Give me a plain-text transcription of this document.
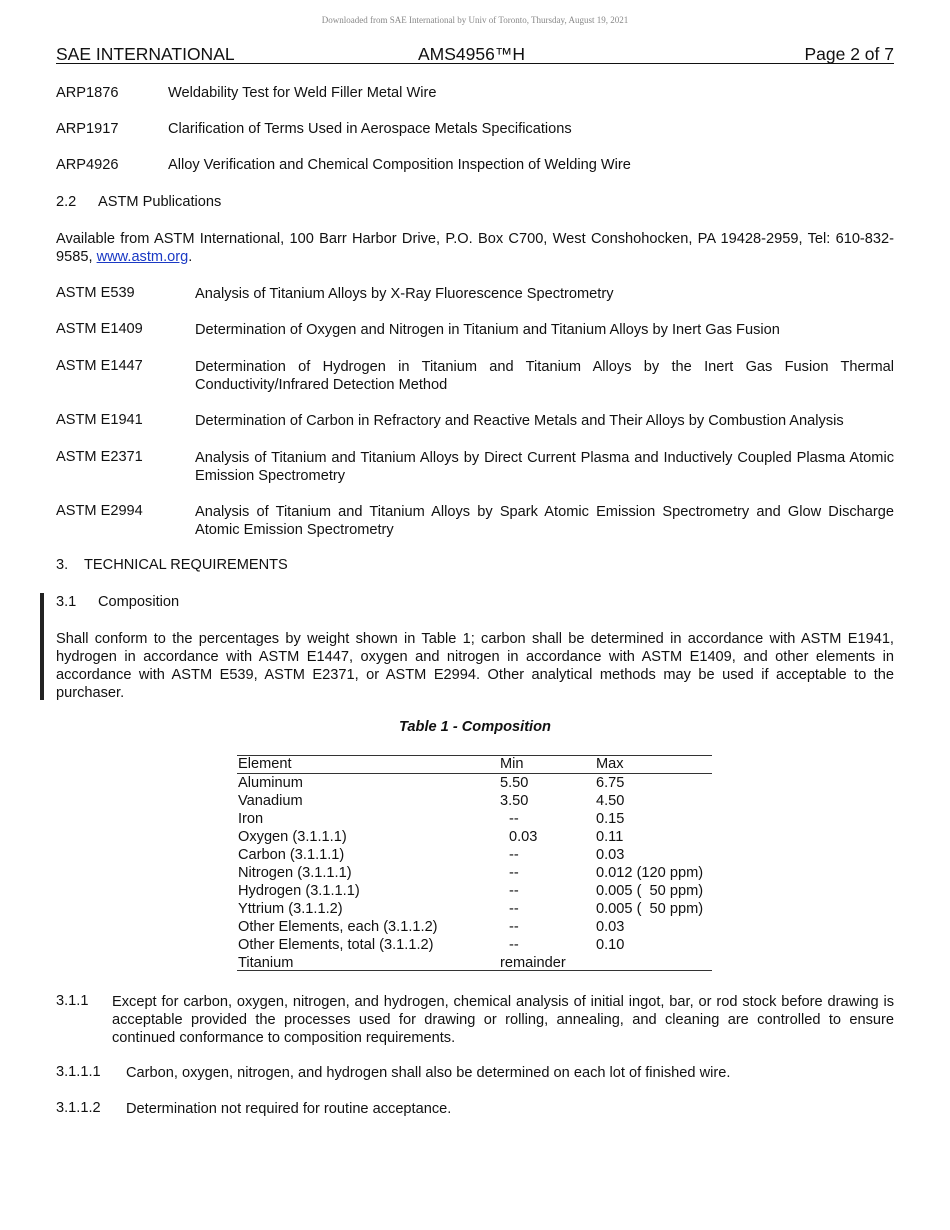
Downloaded from SAE International by Univ of Toronto, Thursday, August 19, 2021
SAE INTERNATIONAL	AMS4956™H	Page 2 of 7
ARP1876	Weldability Test for Weld Filler Metal Wire
ARP1917	Clarification of Terms Used in Aerospace Metals Specifications
ARP4926	Alloy Verification and Chemical Composition Inspection of Welding Wire
2.2 ASTM Publications
Available from ASTM International, 100 Barr Harbor Drive, P.O. Box C700, West Conshohocken, PA 19428-2959, Tel: 610-832-9585, www.astm.org.
ASTM E539	Analysis of Titanium Alloys by X-Ray Fluorescence Spectrometry
ASTM E1409	Determination of Oxygen and Nitrogen in Titanium and Titanium Alloys by Inert Gas Fusion
ASTM E1447	Determination of Hydrogen in Titanium and Titanium Alloys by the Inert Gas Fusion Thermal Conductivity/Infrared Detection Method
ASTM E1941	Determination of Carbon in Refractory and Reactive Metals and Their Alloys by Combustion Analysis
ASTM E2371	Analysis of Titanium and Titanium Alloys by Direct Current Plasma and Inductively Coupled Plasma Atomic Emission Spectrometry
ASTM E2994	Analysis of Titanium and Titanium Alloys by Spark Atomic Emission Spectrometry and Glow Discharge Atomic Emission Spectrometry
3. TECHNICAL REQUIREMENTS
3.1 Composition
Shall conform to the percentages by weight shown in Table 1; carbon shall be determined in accordance with ASTM E1941, hydrogen in accordance with ASTM E1447, oxygen and nitrogen in accordance with ASTM E1409, and other elements in accordance with ASTM E539, ASTM E2371, or ASTM E2994. Other analytical methods may be used if acceptable to the purchaser.
Table 1 - Composition
Element	Min	Max
Aluminum	5.50	6.75
Vanadium	3.50	4.50
Iron	--	0.15
Oxygen (3.1.1.1)	0.03	0.11
Carbon (3.1.1.1)	--	0.03
Nitrogen (3.1.1.1)	--	0.012 (120 ppm)
Hydrogen (3.1.1.1)	--	0.005 (  50 ppm)
Yttrium (3.1.1.2)	--	0.005 (  50 ppm)
Other Elements, each (3.1.1.2)	--	0.03
Other Elements, total (3.1.1.2)	--	0.10
Titanium	remainder
3.1.1 Except for carbon, oxygen, nitrogen, and hydrogen, chemical analysis of initial ingot, bar, or rod stock before drawing is acceptable provided the processes used for drawing or rolling, annealing, and cleaning are controlled to ensure continued conformance to composition requirements.
3.1.1.1 Carbon, oxygen, nitrogen, and hydrogen shall also be determined on each lot of finished wire.
3.1.1.2 Determination not required for routine acceptance.
